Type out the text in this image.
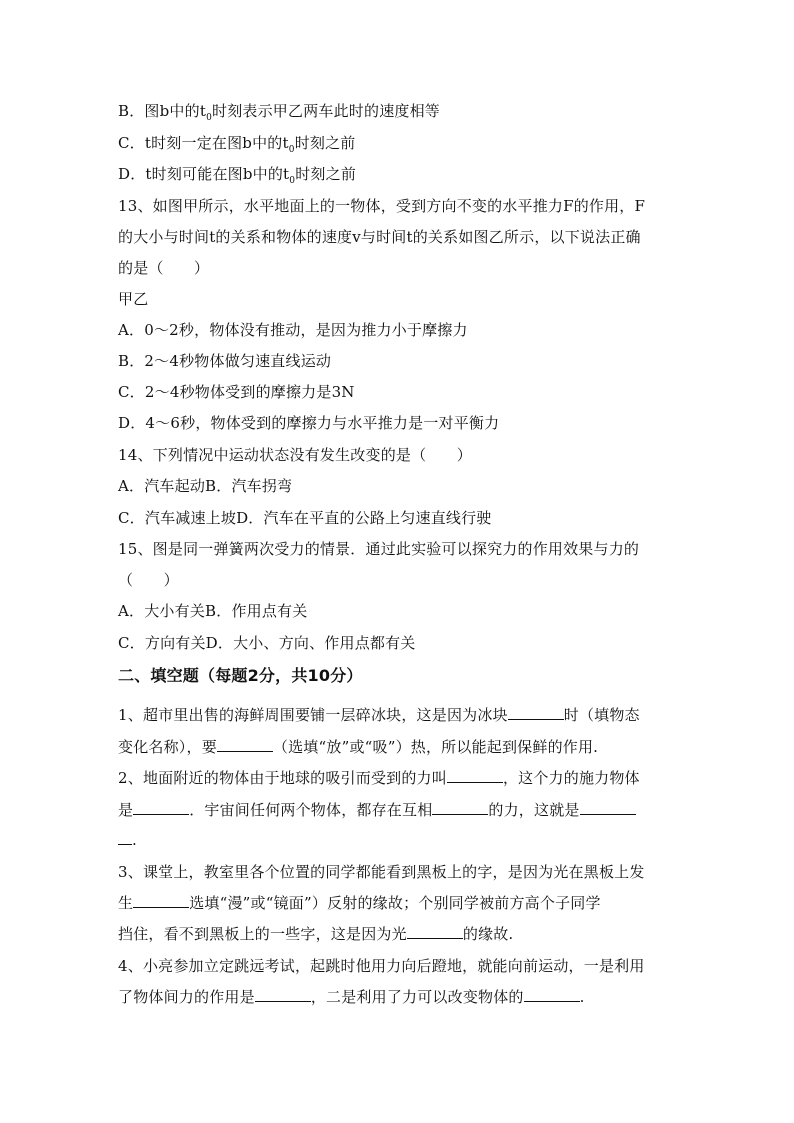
B．图b中的$t_0$时刻表示甲乙两车此时的速度相等
C．t时刻一定在图b中的$t_0$时刻之前
D．t时刻可能在图b中的$t_0$时刻之前
13、如图甲所示，水平地面上的一物体，受到方向不变的水平推力F的作用，F
的大小与时间t的关系和物体的速度v与时间t的关系如图乙所示，以下说法正确
的是（　　）
甲乙
A．0～2秒，物体没有推动，是因为推力小于摩擦力
B．2～4秒物体做匀速直线运动
C．2～4秒物体受到的摩擦力是3N
D．4～6秒，物体受到的摩擦力与水平推力是一对平衡力
14、下列情况中运动状态没有发生改变的是（　　）
A．汽车起动B．汽车拐弯
C．汽车减速上坡D．汽车在平直的公路上匀速直线行驶
15、图是同一弹簧两次受力的情景．通过此实验可以探究力的作用效果与力的
（　　）
A．大小有关B．作用点有关
C．方向有关D．大小、方向、作用点都有关
二、填空题（每题2分，共10分）
1、超市里出售的海鲜周围要铺一层碎冰块，这是因为冰块	时（填物态
变化名称），要	（选填“放”或“吸”）热，所以能起到保鲜的作用.
2、地面附近的物体由于地球的吸引而受到的力叫	，这个力的施力物体
是	．宇宙间任何两个物体，都存在互相	的力，这就是
.
3、课堂上，教室里各个位置的同学都能看到黑板上的字，是因为光在黑板上发
生	选填“漫”或“镜面”）反射的缘故；个别同学被前方高个子同学
挡住，看不到黑板上的一些字，这是因为光	的缘故.
4、小亮参加立定跳远考试，起跳时他用力向后蹬地，就能向前运动，一是利用
了物体间力的作用是	，二是利用了力可以改变物体的	.
